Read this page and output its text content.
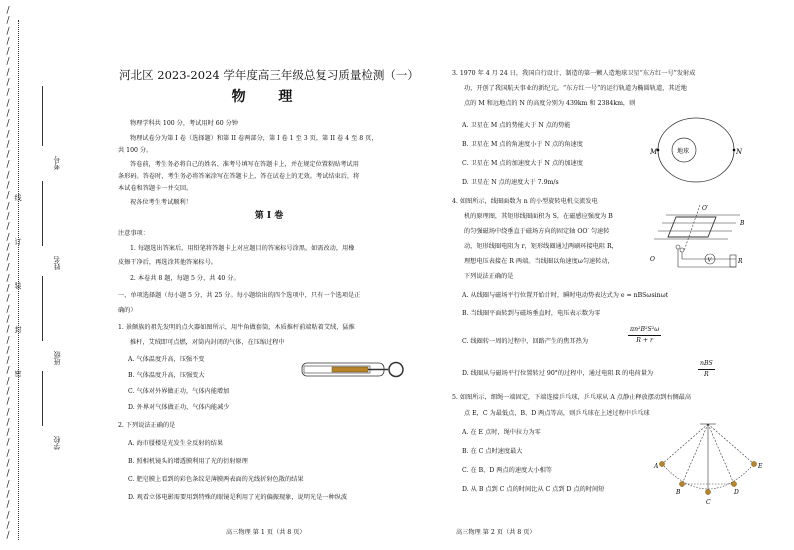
/
/
/
/
/
/
/
/
/
/
/
/
/
/
/
/
/
/
/
/
/
/
/
/
/
/
/
/
/
/
/
/
/
/
/
/
/
/
/
/
/
/
/
/
/
/
/
/
/
/
/
/
线
订
装
封
密
考号
姓名
班级
学校
河北区 2023-2024 学年度高三年级总复习质量检测（一）
物 理
物理学科共 100 分，考试用时 60 分钟
物理试卷分为第 I 卷（选择题）和第 II 卷两部分，第 I 卷 1 至 3 页，第 II 卷 4 至 8 页，
共 100 分。
答卷前，考生务必将自己的姓名、准考号填写在答题卡上，并在规定位置粘贴考试用
条形码。答卷时，考生务必将答案涂写在答题卡上，答在试卷上的无效。考试结束后，将
本试卷和答题卡一并交回。
祝各位考生考试顺利！
第 I 卷
注意事项：
1. 每题选出答案后，用铅笔将答题卡上对应题目的答案标号涂黑。如需改动，用橡
皮擦干净后，再选涂其他答案标号。
2. 本卷共 8 题，每题 5 分，共 40 分。
一、单项选择题（每小题 5 分，共 25 分。每小题给出的四个选项中，只有一个选项是正
确的）
1. 景颇族的祖先发明的点火器如图所示，用牛角做套筒，木质推杆前端粘着艾绒，猛推
推杆，艾绒即可点燃，对筒内封闭的气体，在压缩过程中
A. 气体温度升高，压强不变
B. 气体温度升高，压强变大
C. 气体对外界做正功，气体内能增加
D. 外界对气体做正功，气体内能减少
2. 下列说法正确的是
A. 海市蜃楼是光发生全反射的结果
B. 照相机镜头的增透膜利用了光的衍射原理
C. 肥皂膜上看到的彩色条纹是薄膜两表面的光线折射色散的结果
D. 观看立体电影需要用到特殊的眼镜是利用了光的偏振现象，说明光是一种纵波
高三物理 第 1 页（共 8 页）
3. 1970 年 4 月 24 日，我国自行设计、制造的第一颗人造地球卫星“东方红一号”发射成
功，开创了我国航天事业的新纪元。“东方红一号”的运行轨道为椭圆轨道，其近地
点的 M 和远地点的 N 的高度分别为 439km 和 2384km，则
A. 卫星在 M 点的势能大于 N 点的势能
B. 卫星在 M 点的角速度小于 N 点的角速度
C. 卫星在 M 点的加速度大于 N 点的加速度
D. 卫星在 N 点的速度大于 7.9m/s
M	N
地球
4. 如图所示，线圈面数为 n 的小型旋转电机交流发电
机的原理图，其矩形线圈面积为 S，在磁感应强度为 B
的匀强磁场中绕垂直于磁场方向的固定轴 OO′ 匀速转
动，矩形线圈电阻为 r，矩形线圈通过两刷环接电阻 R，
理想电压表接在 R 两端。当线圈以角速度ω匀速转动，
下列说法正确的是
O′
O
B
V	R
A. 从线圈与磁场平行位置开始计时，瞬时电动势表达式为 e = nBSωsinωt
B. 当线圈平面转到与磁场垂直时，电压表示数为零
C. 线圈转一周的过程中，回路产生的焦耳热为	$\frac{\text{πn²B²S²ω}}{R + r}$
D. 线圈从与磁场平行位置转过 90°的过程中，通过电阻 R 的电荷量为
nBS
R
5. 如图所示，细绳一端固定，下端连接乒乓球，乒乓球从 A 点静止释放摆动到右侧最高
点 E，C 为最低点，B、D 两点等高，则乒乓球在上述过程中乒乓球
A. 在 E 点时，绳中拉力为零
B. 在 C 点时速度最大
C. 在 B、D 两点的速度大小相等
D. 从 B 点到 C 点的时间比从 C 点到 D 点的时间短
A
B
C
D
E
高三物理 第 2 页（共 8 页）
